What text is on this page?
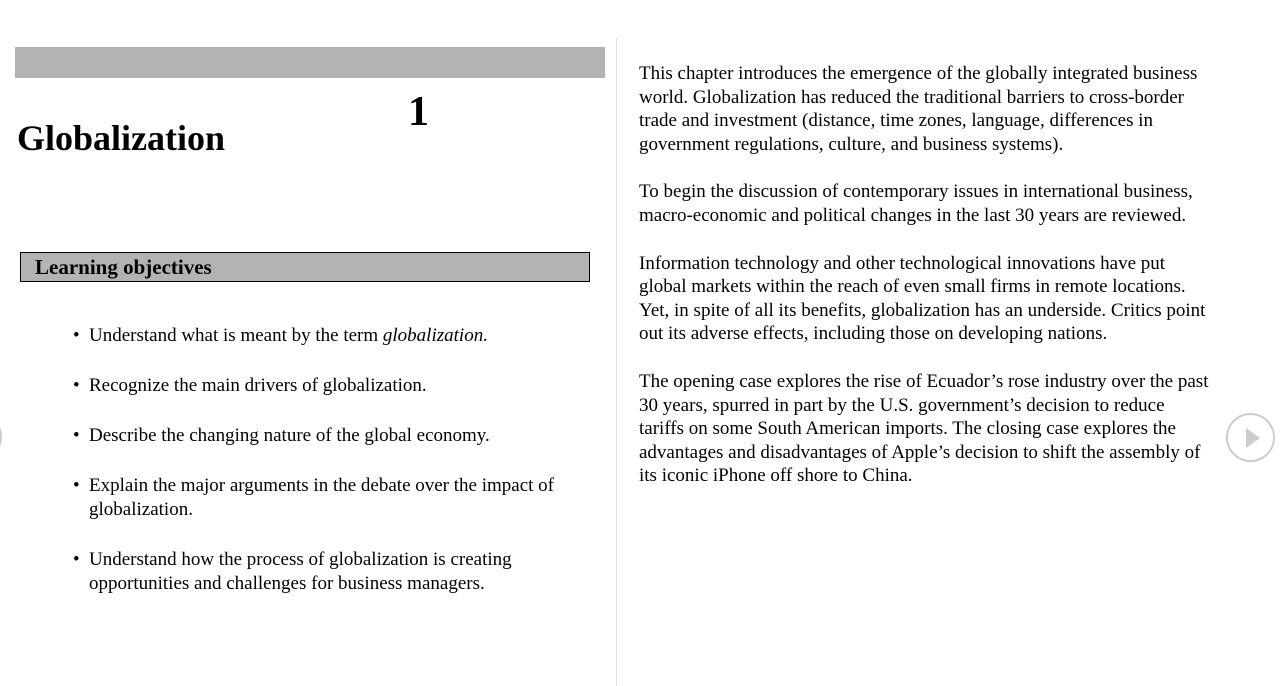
1
Globalization
Learning objectives
• Understand what is meant by the term globalization.
• Recognize the main drivers of globalization.
• Describe the changing nature of the global economy.
• Explain the major arguments in the debate over the impact of globalization.
• Understand how the process of globalization is creating opportunities and challenges for business managers.

This chapter introduces the emergence of the globally integrated business world. Globalization has reduced the traditional barriers to cross-border trade and investment (distance, time zones, language, differences in government regulations, culture, and business systems).

To begin the discussion of contemporary issues in international business, macro-economic and political changes in the last 30 years are reviewed.

Information technology and other technological innovations have put global markets within the reach of even small firms in remote locations. Yet, in spite of all its benefits, globalization has an underside. Critics point out its adverse effects, including those on developing nations.

The opening case explores the rise of Ecuador’s rose industry over the past 30 years, spurred in part by the U.S. government’s decision to reduce tariffs on some South American imports. The closing case explores the advantages and disadvantages of Apple’s decision to shift the assembly of its iconic iPhone off shore to China.
